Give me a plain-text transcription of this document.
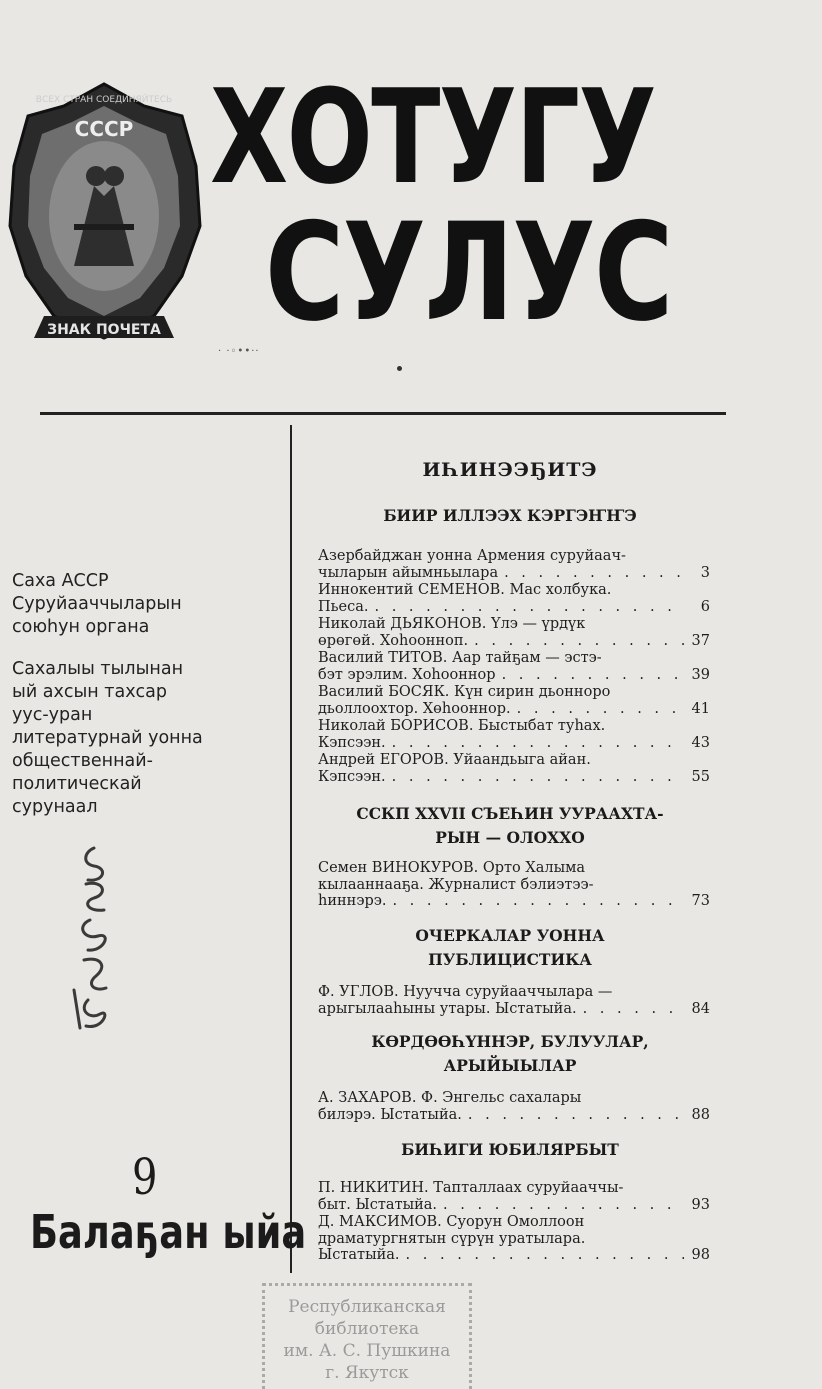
СССР
ЗНАК ПОЧЕТА
ВСЕХ СТРАН СОЕДИНЯЙТЕСЬ ХОТУГУ
СУЛУС
· ·◦••··
Саха АССР
Суруйааччыларын
союһун органа
Сахалыы тылынан
ый ахсын тахсар
уус-уран
литературнай уонна
общественнай-
политическай
сурунаал
9
Балаҕан ыйа
ИҺИНЭЭҔИТЭ
БИИР ИЛЛЭЭХ КЭРГЭҤҤЭ
Азербайджан уонна Армения суруйаач-
чыларын айымньылара . . .	3
Иннокентий СЕМЕНОВ. Мас холбука.
Пьеса. . . .	6
Николай ДЬЯКОНОВ. Үлэ — үрдүк
өрөгөй. Хоһоонноп. . . .	37
Василий ТИТОВ. Аар тайҕам — эстэ-
бэт эрэлим. Хоһооннор . . .	39
Василий БОСЯК. Күн сирин дьонноро
дьоллоохтор. Хөһооннор. . . .	41
Николай БОРИСОВ. Быстыбат туһах.
Кэпсээн. . . .	43
Андрей ЕГОРОВ. Уйаандьыга айан.
Кэпсээн. . . .	55
ССКП XXVII СЪЕҺИН УУРААХТА-
РЫН — ОЛОХХО
Семен ВИНОКУРОВ. Орто Халыма
кылааннааҕа. Журналист бэлиэтээ-
һиннэрэ. . . .	73
ОЧЕРКАЛАР УОННА
ПУБЛИЦИСТИКА
Ф. УГЛОВ. Нуучча суруйааччылара —
арыгылааһыны утары. Ыстатыйа. . . .	84
КӨРДӨӨҺҮННЭР, БУЛУУЛАР,
АРЫЙЫЫЛАР
А. ЗАХАРОВ. Ф. Энгельс сахалары
билэрэ. Ыстатыйа. . . .	88
БИҺИГИ ЮБИЛЯРБЫТ
П. НИКИТИН. Тапталлаах суруйааччы-
быт. Ыстатыйа. . . .	93
Д. МАКСИМОВ. Суорун Омоллоон
драматургнятын сүрүн уратылара.
Ыстатыйа. . . .	98
Республиканская
библиотека
им. А. С. Пушкина
г. Якутск
